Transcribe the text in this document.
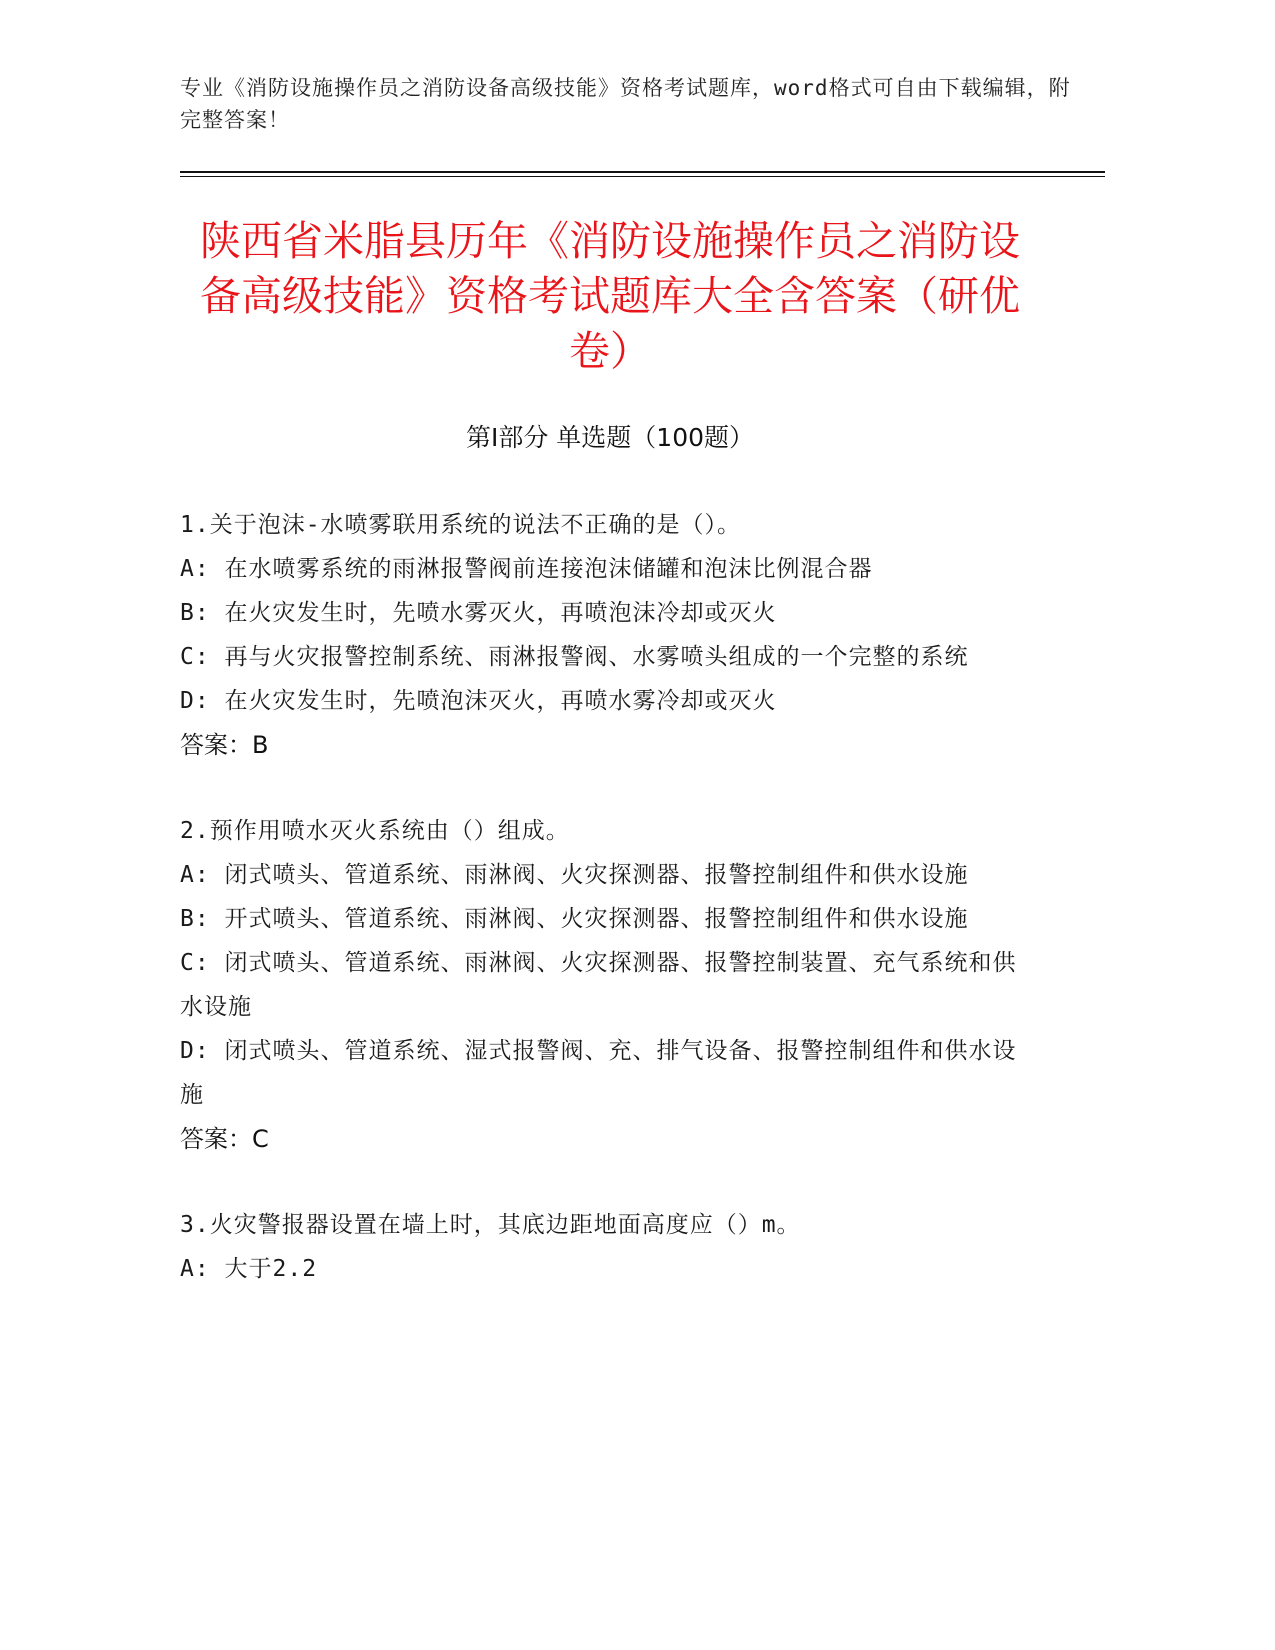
专业《消防设施操作员之消防设备高级技能》资格考试题库，word格式可自由下载编辑，附完整答案！
陕西省米脂县历年《消防设施操作员之消防设备高级技能》资格考试题库大全含答案（研优卷）
第Ⅰ部分 单选题（100题）
1.关于泡沫-水喷雾联用系统的说法不正确的是（）。
A: 在水喷雾系统的雨淋报警阀前连接泡沫储罐和泡沫比例混合器
B: 在火灾发生时，先喷水雾灭火，再喷泡沫冷却或灭火
C: 再与火灾报警控制系统、雨淋报警阀、水雾喷头组成的一个完整的系统
D: 在火灾发生时，先喷泡沫灭火，再喷水雾冷却或灭火
答案：B
2.预作用喷水灭火系统由（）组成。
A: 闭式喷头、管道系统、雨淋阀、火灾探测器、报警控制组件和供水设施
B: 开式喷头、管道系统、雨淋阀、火灾探测器、报警控制组件和供水设施
C: 闭式喷头、管道系统、雨淋阀、火灾探测器、报警控制装置、充气系统和供水设施
D: 闭式喷头、管道系统、湿式报警阀、充、排气设备、报警控制组件和供水设施
答案：C
3.火灾警报器设置在墙上时，其底边距地面高度应（）m。
A: 大于2.2
